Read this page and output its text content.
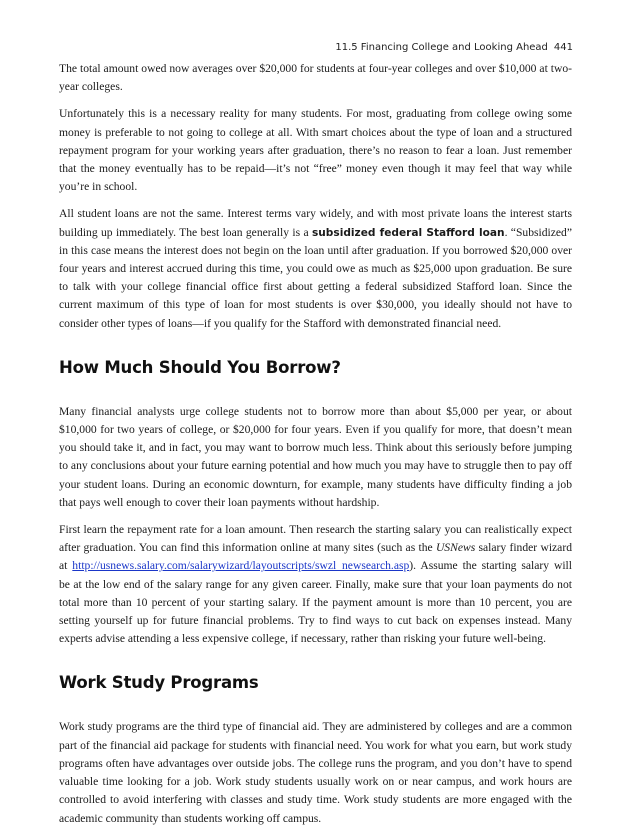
11.5 Financing College and Looking Ahead 441

The total amount owed now averages over $20,000 for students at four-year colleges and over $10,000 at two-year colleges.

Unfortunately this is a necessary reality for many students. For most, graduating from college owing some money is preferable to not going to college at all. With smart choices about the type of loan and a structured repayment program for your working years after graduation, there’s no reason to fear a loan. Just remember that the money eventually has to be repaid—it’s not “free” money even though it may feel that way while you’re in school.

All student loans are not the same. Interest terms vary widely, and with most private loans the interest starts building up immediately. The best loan generally is a subsidized federal Stafford loan. “Subsidized” in this case means the interest does not begin on the loan until after graduation. If you borrowed $20,000 over four years and interest accrued during this time, you could owe as much as $25,000 upon graduation. Be sure to talk with your college financial office first about getting a federal subsidized Stafford loan. Since the current maximum of this type of loan for most students is over $30,000, you ideally should not have to consider other types of loans—if you qualify for the Stafford with demonstrated financial need.

How Much Should You Borrow?

Many financial analysts urge college students not to borrow more than about $5,000 per year, or about $10,000 for two years of college, or $20,000 for four years. Even if you qualify for more, that doesn’t mean you should take it, and in fact, you may want to borrow much less. Think about this seriously before jumping to any conclusions about your future earning potential and how much you may have to struggle then to pay off your student loans. During an economic downturn, for example, many students have difficulty finding a job that pays well enough to cover their loan payments without hardship.

First learn the repayment rate for a loan amount. Then research the starting salary you can realistically expect after graduation. You can find this information online at many sites (such as the USNews salary finder wizard at http://usnews.salary.com/salarywizard/layoutscripts/swzl_newsearch.asp). Assume the starting salary will be at the low end of the salary range for any given career. Finally, make sure that your loan payments do not total more than 10 percent of your starting salary. If the payment amount is more than 10 percent, you are setting yourself up for future financial problems. Try to find ways to cut back on expenses instead. Many experts advise attending a less expensive college, if necessary, rather than risking your future well-being.

Work Study Programs

Work study programs are the third type of financial aid. They are administered by colleges and are a common part of the financial aid package for students with financial need. You work for what you earn, but work study programs often have advantages over outside jobs. The college runs the program, and you don’t have to spend valuable time looking for a job. Work study students usually work on or near campus, and work hours are controlled to avoid interfering with classes and study time. Work study students are more engaged with the academic community than students working off campus.
